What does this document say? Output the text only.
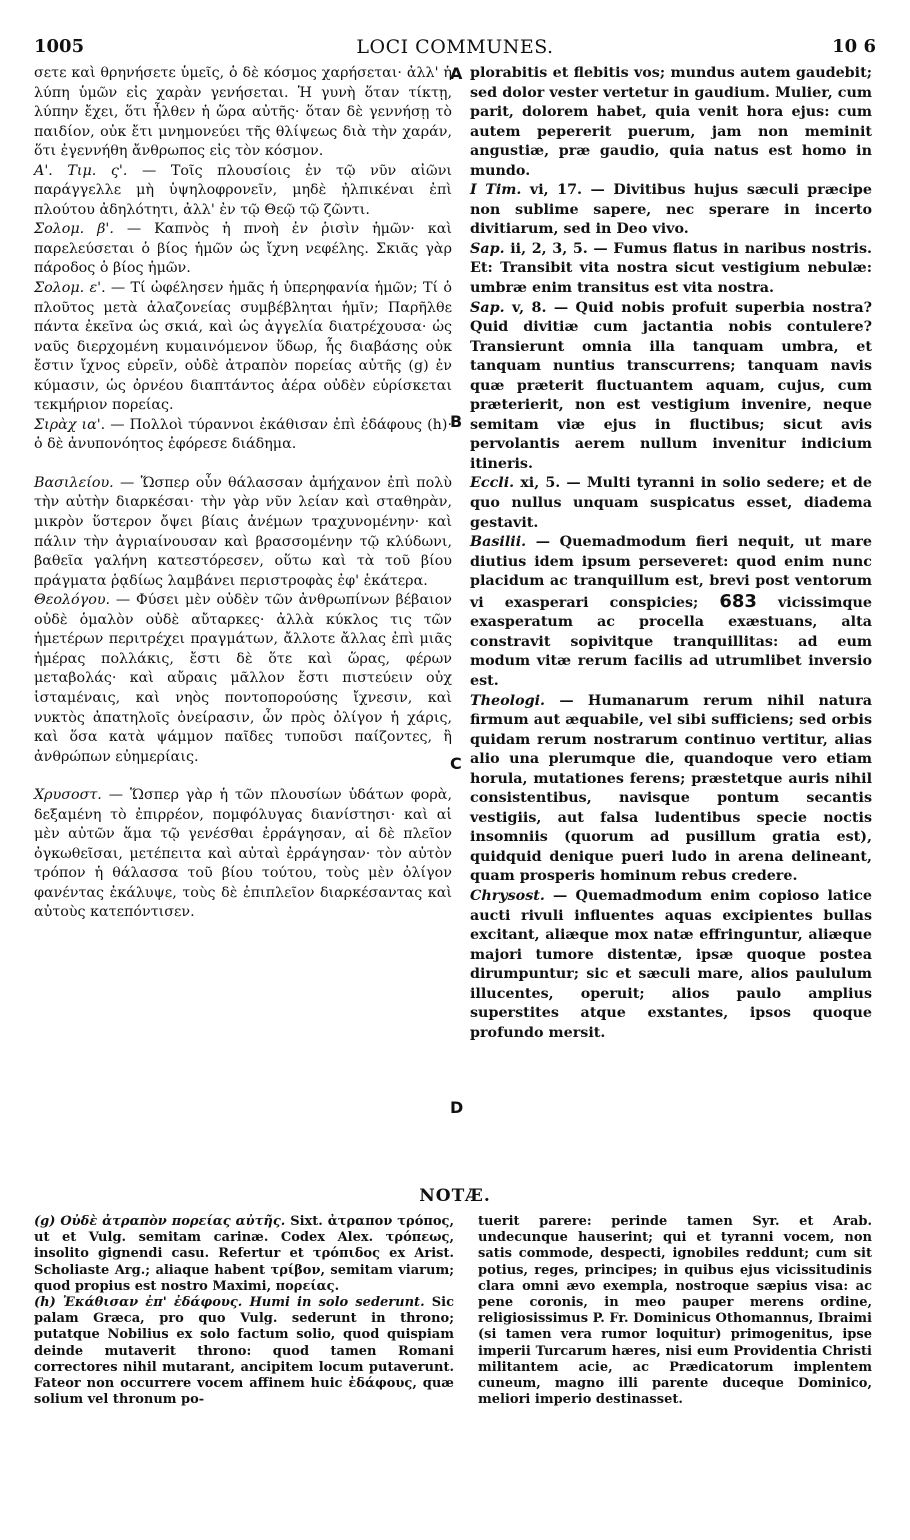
1005	LOCI COMMUNES.	10 6

σετε καὶ θρηνήσετε ὑμεῖς, ὁ δὲ κόσμος χαρήσεται· ἀλλ' ἡ λύπη ὑμῶν εἰς χαρὰν γενήσεται. Ἡ γυνὴ ὅταν τίκτῃ, λύπην ἔχει, ὅτι ἦλθεν ἡ ὥρα αὐτῆς· ὅταν δὲ γεννήσῃ τὸ παιδίον, οὐκ ἔτι μνημονεύει τῆς θλίψεως διὰ τὴν χαράν, ὅτι ἐγεννήθη ἄνθρωπος εἰς τὸν κόσμον.

Α'. Τιμ. ς'. — Τοῖς πλουσίοις ἐν τῷ νῦν αἰῶνι παράγγελλε μὴ ὑψηλοφρονεῖν, μηδὲ ἠλπικέναι ἐπὶ πλούτου ἀδηλότητι, ἀλλ' ἐν τῷ Θεῷ τῷ ζῶντι.

Σολομ. β'. — Καπνὸς ἡ πνοὴ ἐν ῥισὶν ἡμῶν· καὶ παρελεύσεται ὁ βίος ἡμῶν ὡς ἴχνη νεφέλης. Σκιᾶς γὰρ πάροδος ὁ βίος ἡμῶν.

Σολομ. ε'. — Τί ὠφέλησεν ἡμᾶς ἡ ὑπερηφανία ἡμῶν; Τί ὁ πλοῦτος μετὰ ἀλαζονείας συμβέβληται ἡμῖν; Παρῆλθε πάντα ἐκεῖνα ὡς σκιά, καὶ ὡς ἀγγελία διατρέχουσα· ὡς ναῦς διερχομένη κυμαινόμενον ὕδωρ, ἧς διαβάσης οὐκ ἔστιν ἴχνος εὑρεῖν, οὐδὲ ἀτραπὸν πορείας αὐτῆς (g) ἐν κύμασιν, ὡς ὀρνέου διαπτάντος ἀέρα οὐδὲν εὑρίσκεται τεκμήριον πορείας.

Σιρὰχ ια'. — Πολλοὶ τύραννοι ἐκάθισαν ἐπὶ ἐδάφους (h)· ὁ δὲ ἀνυπονόητος ἐφόρεσε διάδημα.

Βασιλείου. — Ὥσπερ οὖν θάλασσαν ἀμήχανον ἐπὶ πολὺ τὴν αὐτὴν διαρκέσαι· τὴν γὰρ νῦν λείαν καὶ σταθηρὰν, μικρὸν ὕστερον ὄψει βίαις ἀνέμων τραχυνομένην· καὶ πάλιν τὴν ἀγριαίνουσαν καὶ βρασσομένην τῷ κλύδωνι, βαθεῖα γαλήνη κατεστόρεσεν, οὕτω καὶ τὰ τοῦ βίου πράγματα ῥᾳδίως λαμβάνει περιστροφὰς ἐφ' ἑκάτερα.

Θεολόγου. — Φύσει μὲν οὐδὲν τῶν ἀνθρωπίνων βέβαιον οὐδὲ ὁμαλὸν οὐδὲ αὔταρκες· ἀλλὰ κύκλος τις τῶν ἡμετέρων περιτρέχει πραγμάτων, ἄλλοτε ἄλλας ἐπὶ μιᾶς ἡμέρας πολλάκις, ἔστι δὲ ὅτε καὶ ὥρας, φέρων μεταβολάς· καὶ αὔραις μᾶλλον ἔστι πιστεύειν οὐχ ἱσταμέναις, καὶ νηὸς ποντοπορούσης ἴχνεσιν, καὶ νυκτὸς ἀπατηλοῖς ὀνείρασιν, ὧν πρὸς ὀλίγον ἡ χάρις, καὶ ὅσα κατὰ ψάμμον παῖδες τυποῦσι παίζοντες, ἢ ἀνθρώπων εὐημερίαις.

Χρυσοστ. — Ὥσπερ γὰρ ἡ τῶν πλουσίων ὑδάτων φορὰ, δεξαμένη τὸ ἐπιρρέον, πομφόλυγας διανίστησι· καὶ αἱ μὲν αὐτῶν ἅμα τῷ γενέσθαι ἐρράγησαν, αἱ δὲ πλεῖον ὀγκωθεῖσαι, μετέπειτα καὶ αὐταὶ ἐρράγησαν· τὸν αὐτὸν τρόπον ἡ θάλασσα τοῦ βίου τούτου, τοὺς μὲν ὀλίγον φανέντας ἐκάλυψε, τοὺς δὲ ἐπιπλεῖον διαρκέσαντας καὶ αὐτοὺς κατεπόντισεν.

A
B
C
D

plorabitis et flebitis vos; mundus autem gaudebit; sed dolor vester vertetur in gaudium. Mulier, cum parit, dolorem habet, quia venit hora ejus: cum autem pepererit puerum, jam non meminit angustiæ, præ gaudio, quia natus est homo in mundo.

I Tim. vi, 17. — Divitibus hujus sæculi præcipe non sublime sapere, nec sperare in incerto divitiarum, sed in Deo vivo.

Sap. ii, 2, 3, 5. — Fumus flatus in naribus nostris. Et: Transibit vita nostra sicut vestigium nebulæ: umbræ enim transitus est vita nostra.

Sap. v, 8. — Quid nobis profuit superbia nostra? Quid divitiæ cum jactantia nobis contulere? Transierunt omnia illa tanquam umbra, et tanquam nuntius transcurrens; tanquam navis quæ præterit fluctuantem aquam, cujus, cum præterierit, non est vestigium invenire, neque semitam viæ ejus in fluctibus; sicut avis pervolantis aerem nullum invenitur indicium itineris.

Eccli. xi, 5. — Multi tyranni in solio sedere; et de quo nullus unquam suspicatus esset, diadema gestavit.

Basilii. — Quemadmodum fieri nequit, ut mare diutius idem ipsum perseveret: quod enim nunc placidum ac tranquillum est, brevi post ventorum vi exasperari conspicies; 683 vicissimque exasperatum ac procella exæstuans, alta constravit sopivitque tranquillitas: ad eum modum vitæ rerum facilis ad utrumlibet inversio est.

Theologi. — Humanarum rerum nihil natura firmum aut æquabile, vel sibi sufficiens; sed orbis quidam rerum nostrarum continuo vertitur, alias alio una plerumque die, quandoque vero etiam horula, mutationes ferens; præstetque auris nihil consistentibus, navisque pontum secantis vestigiis, aut falsa ludentibus specie noctis insomniis (quorum ad pusillum gratia est), quidquid denique pueri ludo in arena delineant, quam prosperis hominum rebus credere.

Chrysost. — Quemadmodum enim copioso latice aucti rivuli influentes aquas excipientes bullas excitant, aliæque mox natæ effringuntur, aliæque majori tumore distentæ, ipsæ quoque postea dirumpuntur; sic et sæculi mare, alios paululum illucentes, operuit; alios paulo amplius superstites atque exstantes, ipsos quoque profundo mersit.

NOTÆ.

(g) Οὐδὲ ἀτραπὸν πορείας αὐτῆς. Sixt. ἀτραπον τρόπος, ut et Vulg. semitam carinæ. Codex Alex. τρόπεως, insolito gignendi casu. Refertur et τρόπιδος ex Arist. Scholiaste Arg.; aliaque habent τρίβον, semitam viarum; quod propius est nostro Maximi, πορείας.

(h) Ἐκάθισαν ἐπ' ἐδάφους. Humi in solo sederunt. Sic palam Græca, pro quo Vulg. sederunt in throno; putatque Nobilius ex solo factum solio, quod quispiam deinde mutaverit throno: quod tamen Romani correctores nihil mutarant, ancipitem locum putaverunt. Fateor non occurrere vocem affinem huic ἐδάφους, quæ solium vel thronum po-

tuerit parere: perinde tamen Syr. et Arab. undecunque hauserint; qui et tyranni vocem, non satis commode, despecti, ignobiles reddunt; cum sit potius, reges, principes; in quibus ejus vicissitudinis clara omni ævo exempla, nostroque sæpius visa: ac pene coronis, in meo pauper merens ordine, religiosissimus P. Fr. Dominicus Othomannus, Ibraimi (si tamen vera rumor loquitur) primogenitus, ipse imperii Turcarum hæres, nisi eum Providentia Christi militantem acie, ac Prædicatorum implentem cuneum, magno illi parente duceque Dominico, meliori imperio destinasset.
